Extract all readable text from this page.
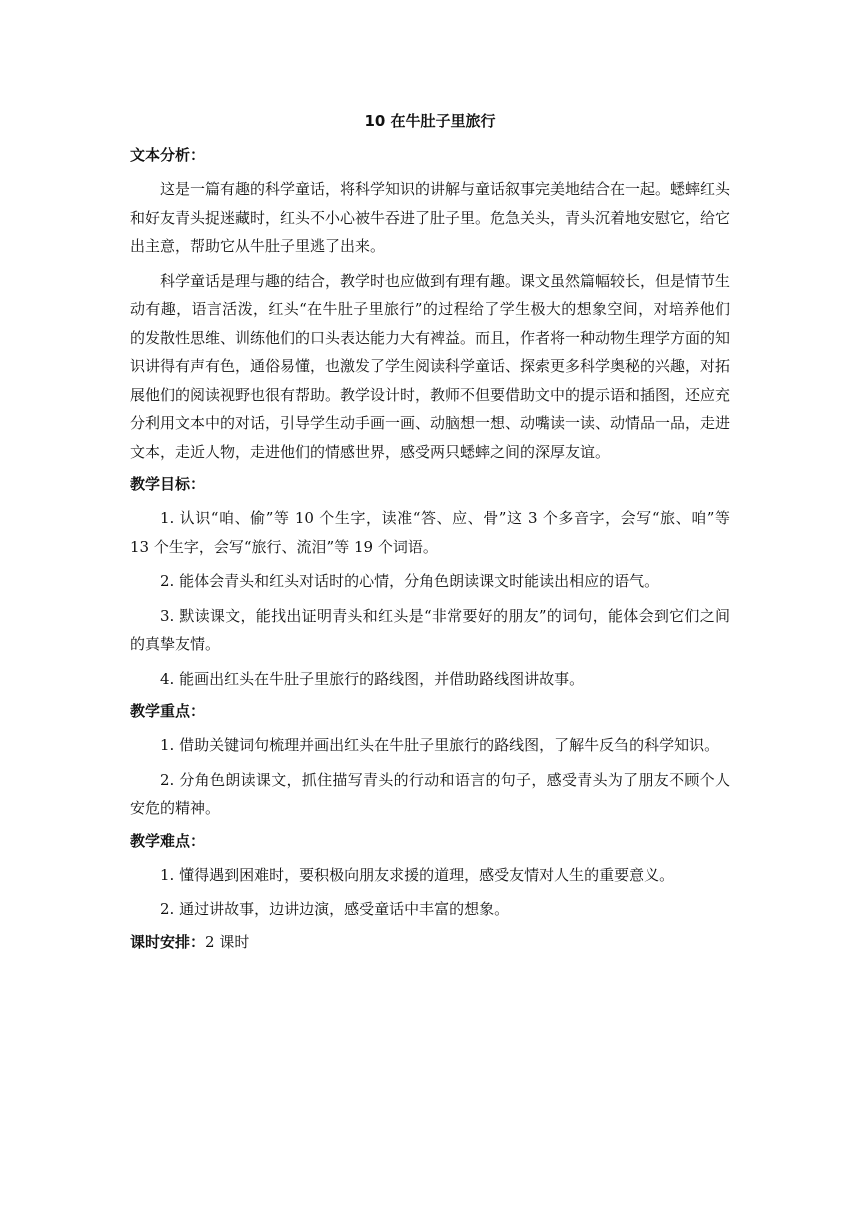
10 在牛肚子里旅行
文本分析：

这是一篇有趣的科学童话，将科学知识的讲解与童话叙事完美地结合在一起。蟋蟀红头和好友青头捉迷藏时，红头不小心被牛吞进了肚子里。危急关头，青头沉着地安慰它，给它出主意，帮助它从牛肚子里逃了出来。

科学童话是理与趣的结合，教学时也应做到有理有趣。课文虽然篇幅较长，但是情节生动有趣，语言活泼，红头“在牛肚子里旅行”的过程给了学生极大的想象空间，对培养他们的发散性思维、训练他们的口头表达能力大有裨益。而且，作者将一种动物生理学方面的知识讲得有声有色，通俗易懂，也激发了学生阅读科学童话、探索更多科学奥秘的兴趣，对拓展他们的阅读视野也很有帮助。教学设计时，教师不但要借助文中的提示语和插图，还应充分利用文本中的对话，引导学生动手画一画、动脑想一想、动嘴读一读、动情品一品，走进文本，走近人物，走进他们的情感世界，感受两只蟋蟀之间的深厚友谊。

教学目标：

1. 认识“咱、偷”等 10 个生字，读准“答、应、骨”这 3 个多音字，会写“旅、咱”等 13 个生字，会写“旅行、流泪”等 19 个词语。

2. 能体会青头和红头对话时的心情，分角色朗读课文时能读出相应的语气。

3. 默读课文，能找出证明青头和红头是“非常要好的朋友”的词句，能体会到它们之间的真挚友情。

4. 能画出红头在牛肚子里旅行的路线图，并借助路线图讲故事。

教学重点：

1. 借助关键词句梳理并画出红头在牛肚子里旅行的路线图，了解牛反刍的科学知识。

2. 分角色朗读课文，抓住描写青头的行动和语言的句子，感受青头为了朋友不顾个人安危的精神。

教学难点：

1. 懂得遇到困难时，要积极向朋友求援的道理，感受友情对人生的重要意义。

2. 通过讲故事，边讲边演，感受童话中丰富的想象。

课时安排：2 课时
